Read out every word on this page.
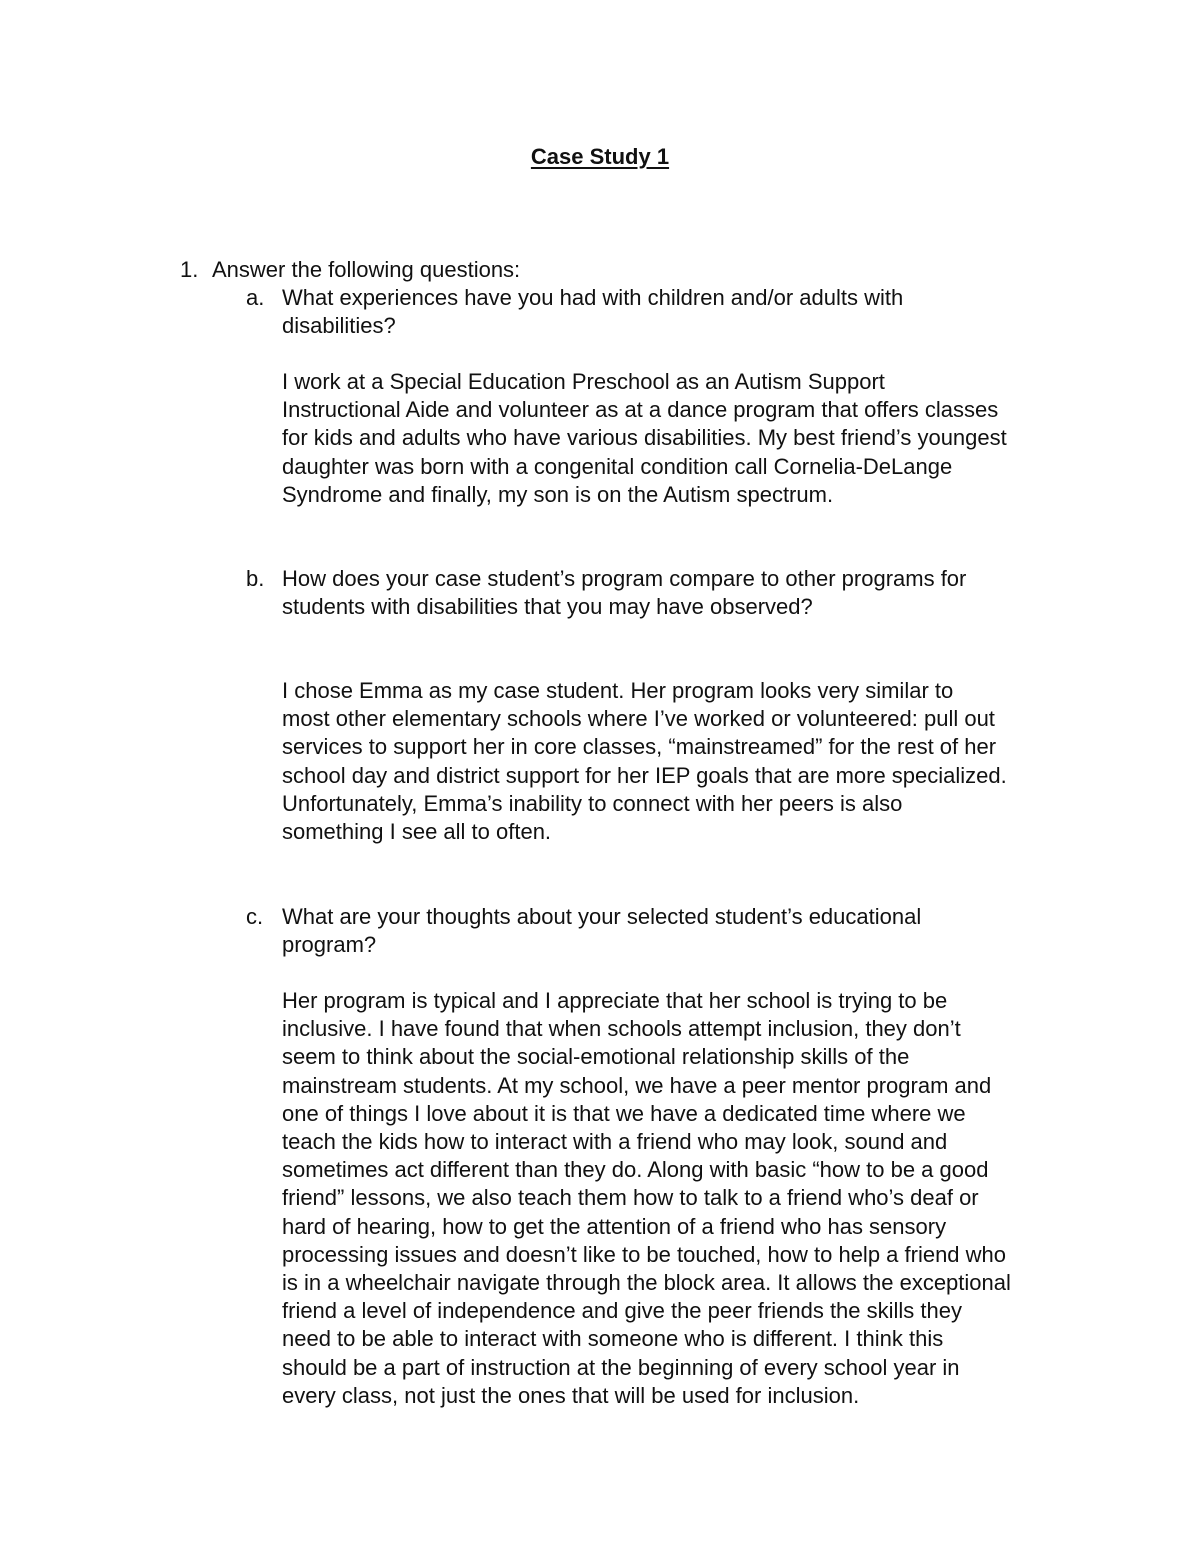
Case Study 1
1. Answer the following questions:
a. What experiences have you had with children and/or adults with
disabilities?
I work at a Special Education Preschool as an Autism Support
Instructional Aide and volunteer as at a dance program that offers classes
for kids and adults who have various disabilities. My best friend’s youngest
daughter was born with a congenital condition call Cornelia-DeLange
Syndrome and finally, my son is on the Autism spectrum.
b. How does your case student’s program compare to other programs for
students with disabilities that you may have observed?
I chose Emma as my case student. Her program looks very similar to
most other elementary schools where I’ve worked or volunteered: pull out
services to support her in core classes, “mainstreamed” for the rest of her
school day and district support for her IEP goals that are more specialized.
Unfortunately, Emma’s inability to connect with her peers is also
something I see all to often.
c. What are your thoughts about your selected student’s educational
program?
Her program is typical and I appreciate that her school is trying to be
inclusive. I have found that when schools attempt inclusion, they don’t
seem to think about the social-emotional relationship skills of the
mainstream students. At my school, we have a peer mentor program and
one of things I love about it is that we have a dedicated time where we
teach the kids how to interact with a friend who may look, sound and
sometimes act different than they do. Along with basic “how to be a good
friend” lessons, we also teach them how to talk to a friend who’s deaf or
hard of hearing, how to get the attention of a friend who has sensory
processing issues and doesn’t like to be touched, how to help a friend who
is in a wheelchair navigate through the block area. It allows the exceptional
friend a level of independence and give the peer friends the skills they
need to be able to interact with someone who is different. I think this
should be a part of instruction at the beginning of every school year in
every class, not just the ones that will be used for inclusion.
